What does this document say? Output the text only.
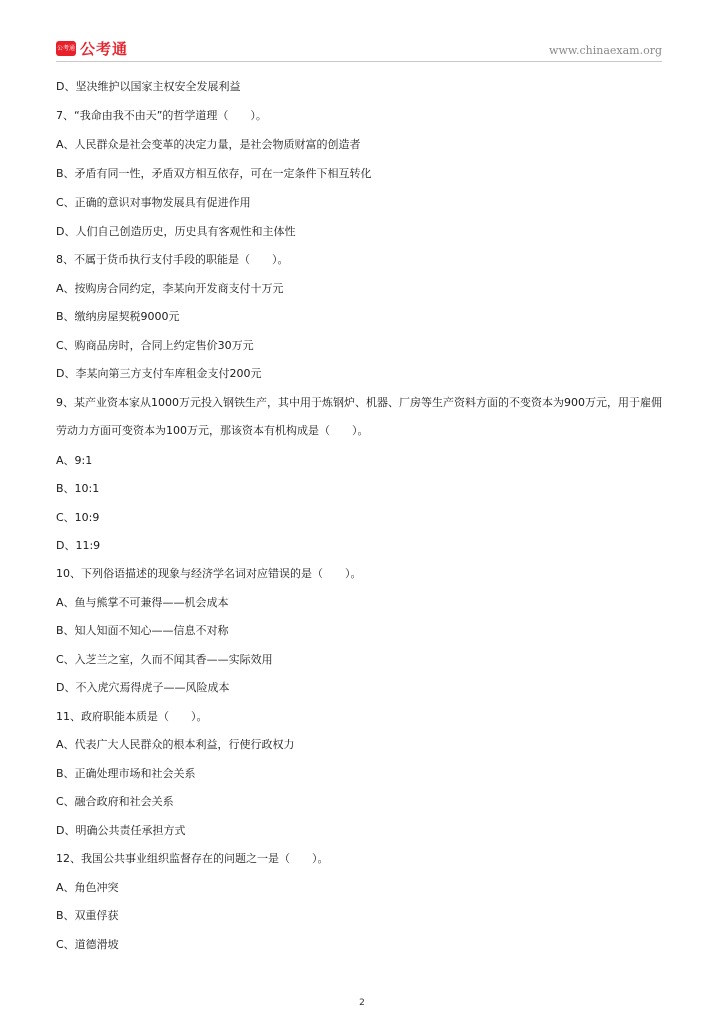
公考通 公考通	www.chinaexam.org
D、坚决维护以国家主权安全发展利益
7、“我命由我不由天”的哲学道理（　　）。
A、人民群众是社会变革的决定力量，是社会物质财富的创造者
B、矛盾有同一性，矛盾双方相互依存，可在一定条件下相互转化
C、正确的意识对事物发展具有促进作用
D、人们自己创造历史，历史具有客观性和主体性
8、不属于货币执行支付手段的职能是（　　）。
A、按购房合同约定，李某向开发商支付十万元
B、缴纳房屋契税9000元
C、购商品房时，合同上约定售价30万元
D、李某向第三方支付车库租金支付200元
9、某产业资本家从1000万元投入钢铁生产，其中用于炼钢炉、机器、厂房等生产资料方面的不变资本为900万元，用于雇佣劳动力方面可变资本为100万元，那该资本有机构成是（　　）。
A、9:1
B、10:1
C、10:9
D、11:9
10、下列俗语描述的现象与经济学名词对应错误的是（　　）。
A、鱼与熊掌不可兼得——机会成本
B、知人知面不知心——信息不对称
C、入芝兰之室，久而不闻其香——实际效用
D、不入虎穴焉得虎子——风险成本
11、政府职能本质是（　　）。
A、代表广大人民群众的根本利益，行使行政权力
B、正确处理市场和社会关系
C、融合政府和社会关系
D、明确公共责任承担方式
12、我国公共事业组织监督存在的问题之一是（　　）。
A、角色冲突
B、双重俘获
C、道德滑坡
2
